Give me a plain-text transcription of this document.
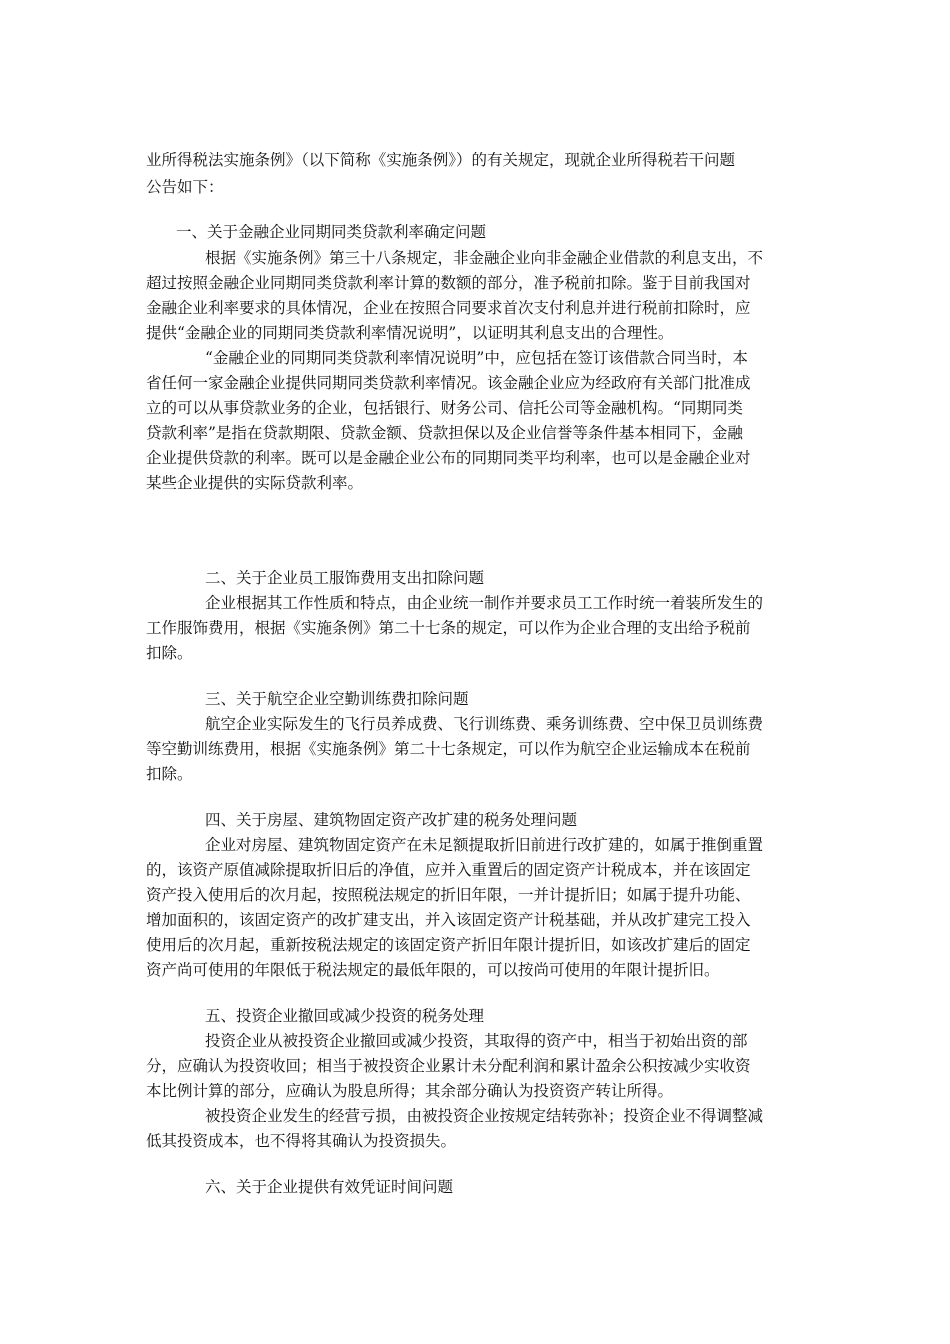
业所得税法实施条例》（以下简称《实施条例》）的有关规定，现就企业所得税若干问题
公告如下：
一、关于金融企业同期同类贷款利率确定问题
根据《实施条例》第三十八条规定，非金融企业向非金融企业借款的利息支出，不
超过按照金融企业同期同类贷款利率计算的数额的部分，准予税前扣除。鉴于目前我国对
金融企业利率要求的具体情况，企业在按照合同要求首次支付利息并进行税前扣除时，应
提供“金融企业的同期同类贷款利率情况说明”，以证明其利息支出的合理性。
“金融企业的同期同类贷款利率情况说明”中，应包括在签订该借款合同当时，本
省任何一家金融企业提供同期同类贷款利率情况。该金融企业应为经政府有关部门批准成
立的可以从事贷款业务的企业，包括银行、财务公司、信托公司等金融机构。“同期同类
贷款利率”是指在贷款期限、贷款金额、贷款担保以及企业信誉等条件基本相同下，金融
企业提供贷款的利率。既可以是金融企业公布的同期同类平均利率，也可以是金融企业对
某些企业提供的实际贷款利率。
二、关于企业员工服饰费用支出扣除问题
企业根据其工作性质和特点，由企业统一制作并要求员工工作时统一着装所发生的
工作服饰费用，根据《实施条例》第二十七条的规定，可以作为企业合理的支出给予税前
扣除。
三、关于航空企业空勤训练费扣除问题
航空企业实际发生的飞行员养成费、飞行训练费、乘务训练费、空中保卫员训练费
等空勤训练费用，根据《实施条例》第二十七条规定，可以作为航空企业运输成本在税前
扣除。
四、关于房屋、建筑物固定资产改扩建的税务处理问题
企业对房屋、建筑物固定资产在未足额提取折旧前进行改扩建的，如属于推倒重置
的，该资产原值减除提取折旧后的净值，应并入重置后的固定资产计税成本，并在该固定
资产投入使用后的次月起，按照税法规定的折旧年限，一并计提折旧；如属于提升功能、
增加面积的，该固定资产的改扩建支出，并入该固定资产计税基础，并从改扩建完工投入
使用后的次月起，重新按税法规定的该固定资产折旧年限计提折旧，如该改扩建后的固定
资产尚可使用的年限低于税法规定的最低年限的，可以按尚可使用的年限计提折旧。
五、投资企业撤回或减少投资的税务处理
投资企业从被投资企业撤回或减少投资，其取得的资产中，相当于初始出资的部
分，应确认为投资收回；相当于被投资企业累计未分配利润和累计盈余公积按减少实收资
本比例计算的部分，应确认为股息所得；其余部分确认为投资资产转让所得。
被投资企业发生的经营亏损，由被投资企业按规定结转弥补；投资企业不得调整减
低其投资成本，也不得将其确认为投资损失。
六、关于企业提供有效凭证时间问题
